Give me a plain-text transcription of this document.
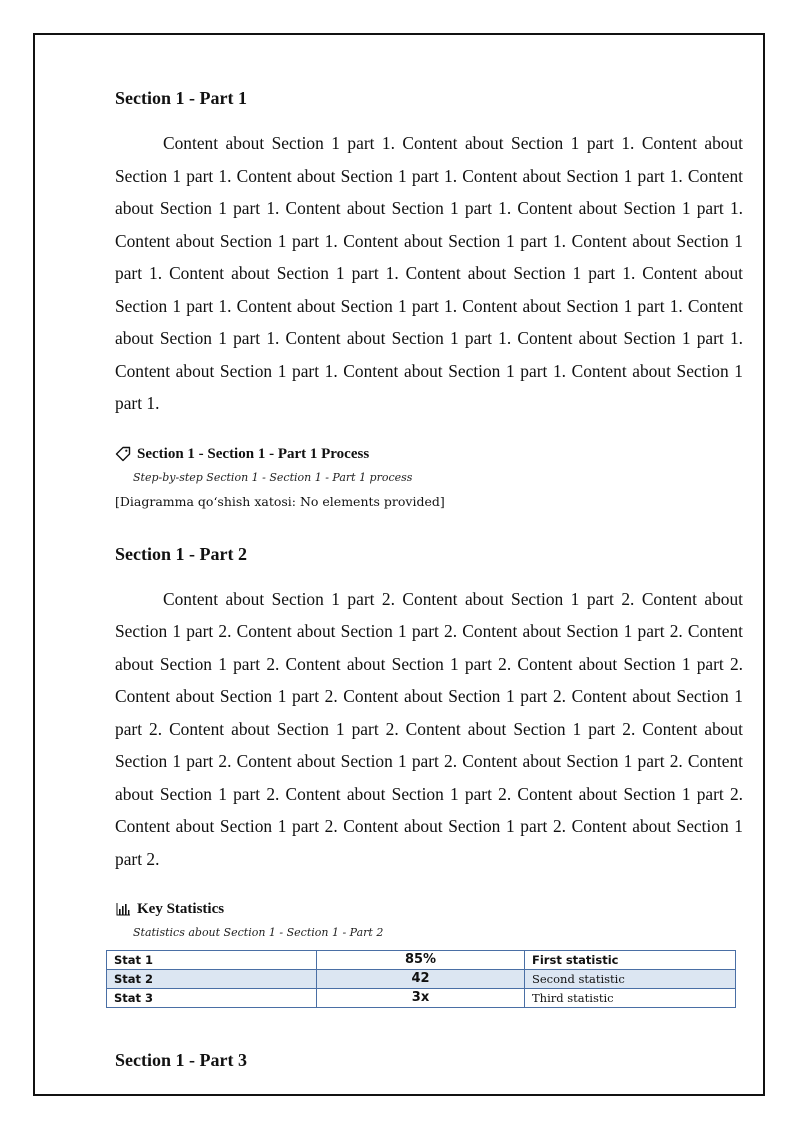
Section 1 - Part 1

Content about Section 1 part 1. Content about Section 1 part 1. Content about Section 1 part 1. Content about Section 1 part 1. Content about Section 1 part 1. Content about Section 1 part 1. Content about Section 1 part 1. Content about Section 1 part 1. Content about Section 1 part 1. Content about Section 1 part 1. Content about Section 1 part 1. Content about Section 1 part 1. Content about Section 1 part 1. Content about Section 1 part 1. Content about Section 1 part 1. Content about Section 1 part 1. Content about Section 1 part 1. Content about Section 1 part 1. Content about Section 1 part 1. Content about Section 1 part 1. Content about Section 1 part 1. Content about Section 1 part 1.

Section 1 - Section 1 - Part 1 Process
Step-by-step Section 1 - Section 1 - Part 1 process
[Diagramma qo‘shish xatosi: No elements provided]
Section 1 - Part 2

Content about Section 1 part 2. Content about Section 1 part 2. Content about Section 1 part 2. Content about Section 1 part 2. Content about Section 1 part 2. Content about Section 1 part 2. Content about Section 1 part 2. Content about Section 1 part 2. Content about Section 1 part 2. Content about Section 1 part 2. Content about Section 1 part 2. Content about Section 1 part 2. Content about Section 1 part 2. Content about Section 1 part 2. Content about Section 1 part 2. Content about Section 1 part 2. Content about Section 1 part 2. Content about Section 1 part 2. Content about Section 1 part 2. Content about Section 1 part 2. Content about Section 1 part 2. Content about Section 1 part 2.

Key Statistics
Statistics about Section 1 - Section 1 - Part 2
Stat 1	85%	First statistic
Stat 2	42	Second statistic
Stat 3	3x	Third statistic
Section 1 - Part 3
